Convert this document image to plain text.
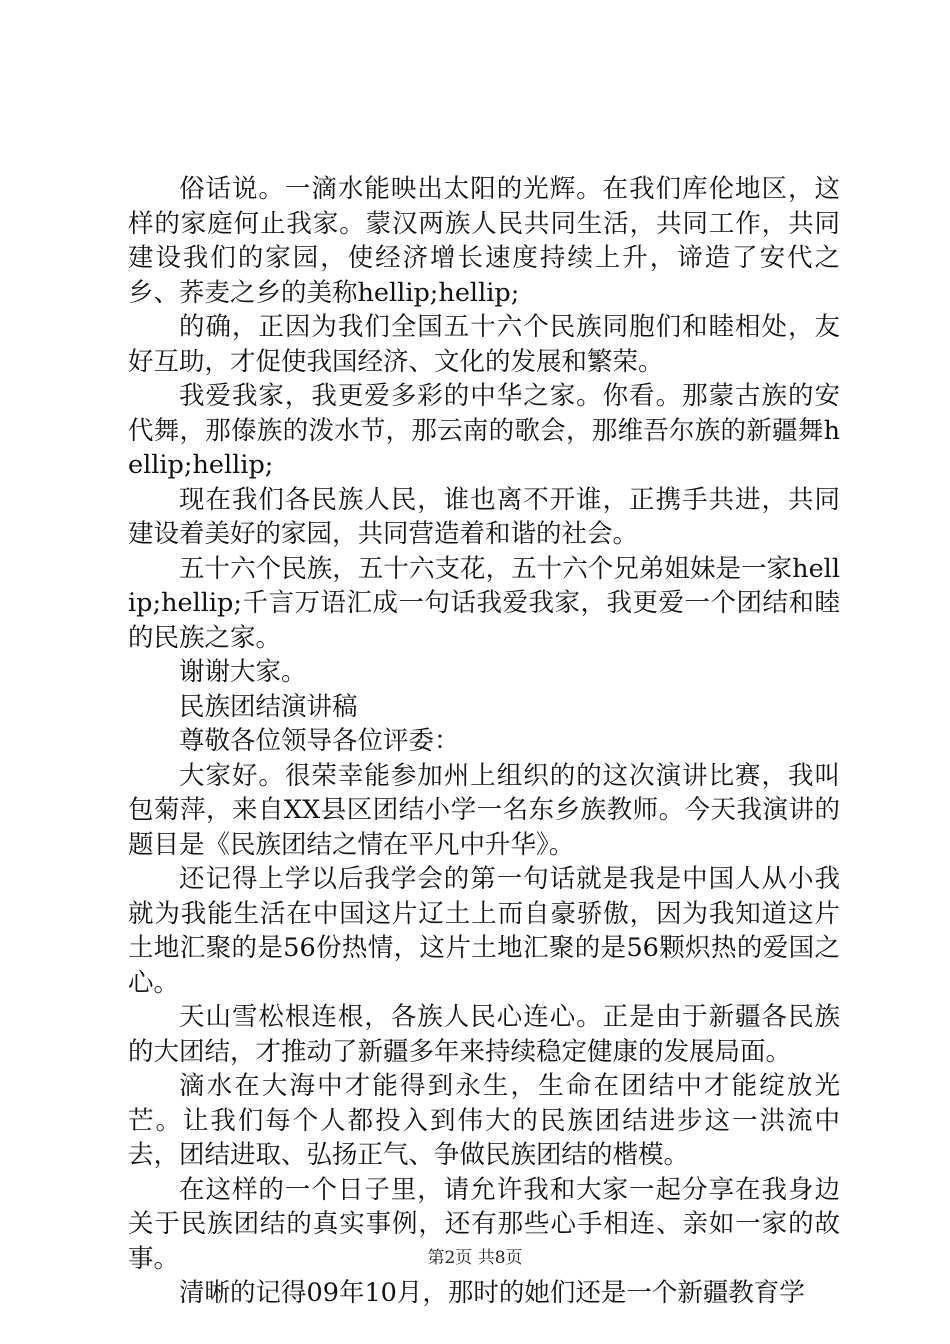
俗话说。一滴水能映出太阳的光辉。在我们库伦地区，这样的家庭何止我家。蒙汉两族人民共同生活，共同工作，共同建设我们的家园，使经济增长速度持续上升，谛造了安代之乡、荞麦之乡的美称hellip;hellip;

的确，正因为我们全国五十六个民族同胞们和睦相处，友好互助，才促使我国经济、文化的发展和繁荣。

我爱我家，我更爱多彩的中华之家。你看。那蒙古族的安代舞，那傣族的泼水节，那云南的歌会，那维吾尔族的新疆舞hellip;hellip;

现在我们各民族人民，谁也离不开谁，正携手共进，共同建设着美好的家园，共同营造着和谐的社会。

五十六个民族，五十六支花，五十六个兄弟姐妹是一家hellip;hellip;千言万语汇成一句话我爱我家，我更爱一个团结和睦的民族之家。

谢谢大家。

民族团结演讲稿

尊敬各位领导各位评委：

大家好。很荣幸能参加州上组织的的这次演讲比赛，我叫包菊萍，来自XX县区团结小学一名东乡族教师。今天我演讲的题目是《民族团结之情在平凡中升华》。

还记得上学以后我学会的第一句话就是我是中国人从小我就为我能生活在中国这片辽土上而自豪骄傲，因为我知道这片土地汇聚的是56份热情，这片土地汇聚的是56颗炽热的爱国之心。

天山雪松根连根，各族人民心连心。正是由于新疆各民族的大团结，才推动了新疆多年来持续稳定健康的发展局面。

滴水在大海中才能得到永生，生命在团结中才能绽放光芒。让我们每个人都投入到伟大的民族团结进步这一洪流中去，团结进取、弘扬正气、争做民族团结的楷模。

在这样的一个日子里，请允许我和大家一起分享在我身边关于民族团结的真实事例，还有那些心手相连、亲如一家的故事。

清晰的记得09年10月，那时的她们还是一个新疆教育学

第2页 共8页
